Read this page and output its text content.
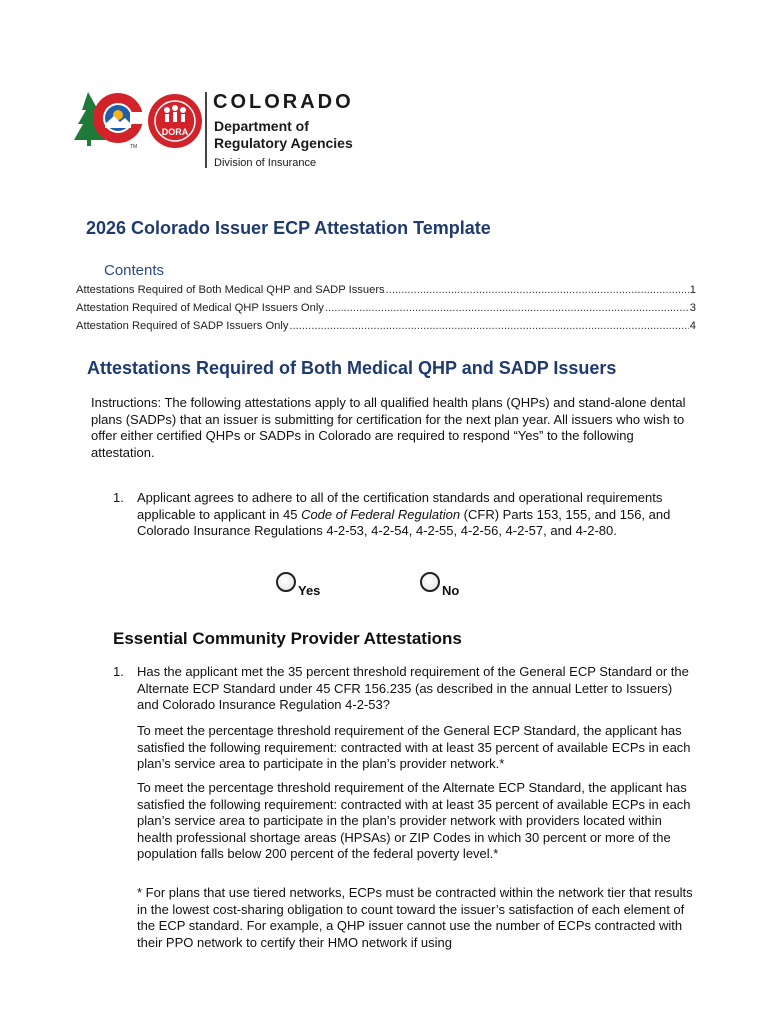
TM
DORA
COLORADO
Department of
Regulatory Agencies
Division of Insurance
2026 Colorado Issuer ECP Attestation Template
Contents
Attestations Required of Both Medical QHP and SADP Issuers .....	1
Attestation Required of Medical QHP Issuers Only .....	3
Attestation Required of SADP Issuers Only .....	4
Attestations Required of Both Medical QHP and SADP Issuers
Instructions: The following attestations apply to all qualified health plans (QHPs) and stand-alone dental plans (SADPs) that an issuer is submitting for certification for the next plan year. All issuers who wish to offer either certified QHPs or SADPs in Colorado are required to respond “Yes” to the following attestation.
1. Applicant agrees to adhere to all of the certification standards and operational requirements applicable to applicant in 45 Code of Federal Regulation (CFR) Parts 153, 155, and 156, and Colorado Insurance Regulations 4-2-53, 4-2-54, 4-2-55, 4-2-56, 4-2-57, and 4-2-80.
Yes	No
Essential Community Provider Attestations
1. Has the applicant met the 35 percent threshold requirement of the General ECP Standard or the Alternate ECP Standard under 45 CFR 156.235 (as described in the annual Letter to Issuers) and Colorado Insurance Regulation 4-2-53?
To meet the percentage threshold requirement of the General ECP Standard, the applicant has satisfied the following requirement: contracted with at least 35 percent of available ECPs in each plan’s service area to participate in the plan’s provider network.*
To meet the percentage threshold requirement of the Alternate ECP Standard, the applicant has satisfied the following requirement: contracted with at least 35 percent of available ECPs in each plan’s service area to participate in the plan’s provider network with providers located within health professional shortage areas (HPSAs) or ZIP Codes in which 30 percent or more of the population falls below 200 percent of the federal poverty level.*
* For plans that use tiered networks, ECPs must be contracted within the network tier that results in the lowest cost-sharing obligation to count toward the issuer’s satisfaction of each element of the ECP standard. For example, a QHP issuer cannot use the number of ECPs contracted with their PPO network to certify their HMO network if using
